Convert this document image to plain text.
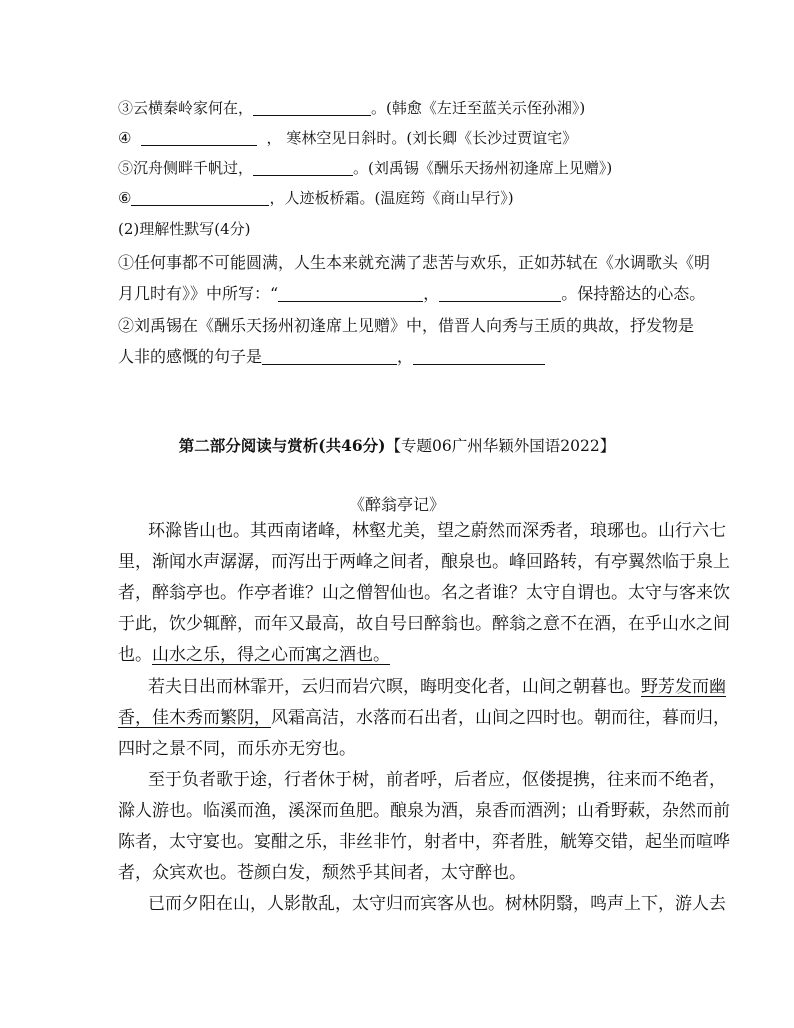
③云横秦岭家何在，	。(韩愈《左迁至蓝关示侄孙湘》)
④	， 寒林空见日斜时。(刘长卿《长沙过贾谊宅》
⑤沉舟侧畔千帆过，	。(刘禹锡《酬乐天扬州初逢席上见赠》)
⑥	，人迹板桥霜。(温庭筠《商山早行》)
(2)理解性默写(4分)
①任何事都不可能圆满，人生本来就充满了悲苦与欢乐，正如苏轼在《水调歌头《明
月几时有》》中所写：“	，	。保持豁达的心态。
②刘禹锡在《酬乐天扬州初逢席上见赠》中，借晋人向秀与王质的典故，抒发物是
人非的感慨的句子是	，
第二部分阅读与赏析(共46分)【专题06广州华颖外国语2022】
《醉翁亭记》
环滁皆山也。其西南诸峰，林壑尤美，望之蔚然而深秀者，琅琊也。山行六七
里，渐闻水声潺潺，而泻出于两峰之间者，酿泉也。峰回路转，有亭翼然临于泉上
者，醉翁亭也。作亭者谁？山之僧智仙也。名之者谁？太守自谓也。太守与客来饮
于此，饮少辄醉，而年又最高，故自号曰醉翁也。醉翁之意不在酒，在乎山水之间
也。山水之乐，得之心而寓之酒也。
若夫日出而林霏开，云归而岩穴暝，晦明变化者，山间之朝暮也。野芳发而幽
香，佳木秀而繁阴，风霜高洁，水落而石出者，山间之四时也。朝而往，暮而归，
四时之景不同，而乐亦无穷也。
至于负者歌于途，行者休于树，前者呼，后者应，伛偻提携，往来而不绝者，
滁人游也。临溪而渔，溪深而鱼肥。酿泉为酒，泉香而酒洌；山肴野蔌，杂然而前
陈者，太守宴也。宴酣之乐，非丝非竹，射者中，弈者胜，觥筹交错，起坐而喧哗
者，众宾欢也。苍颜白发，颓然乎其间者，太守醉也。
已而夕阳在山，人影散乱，太守归而宾客从也。树林阴翳，鸣声上下，游人去
